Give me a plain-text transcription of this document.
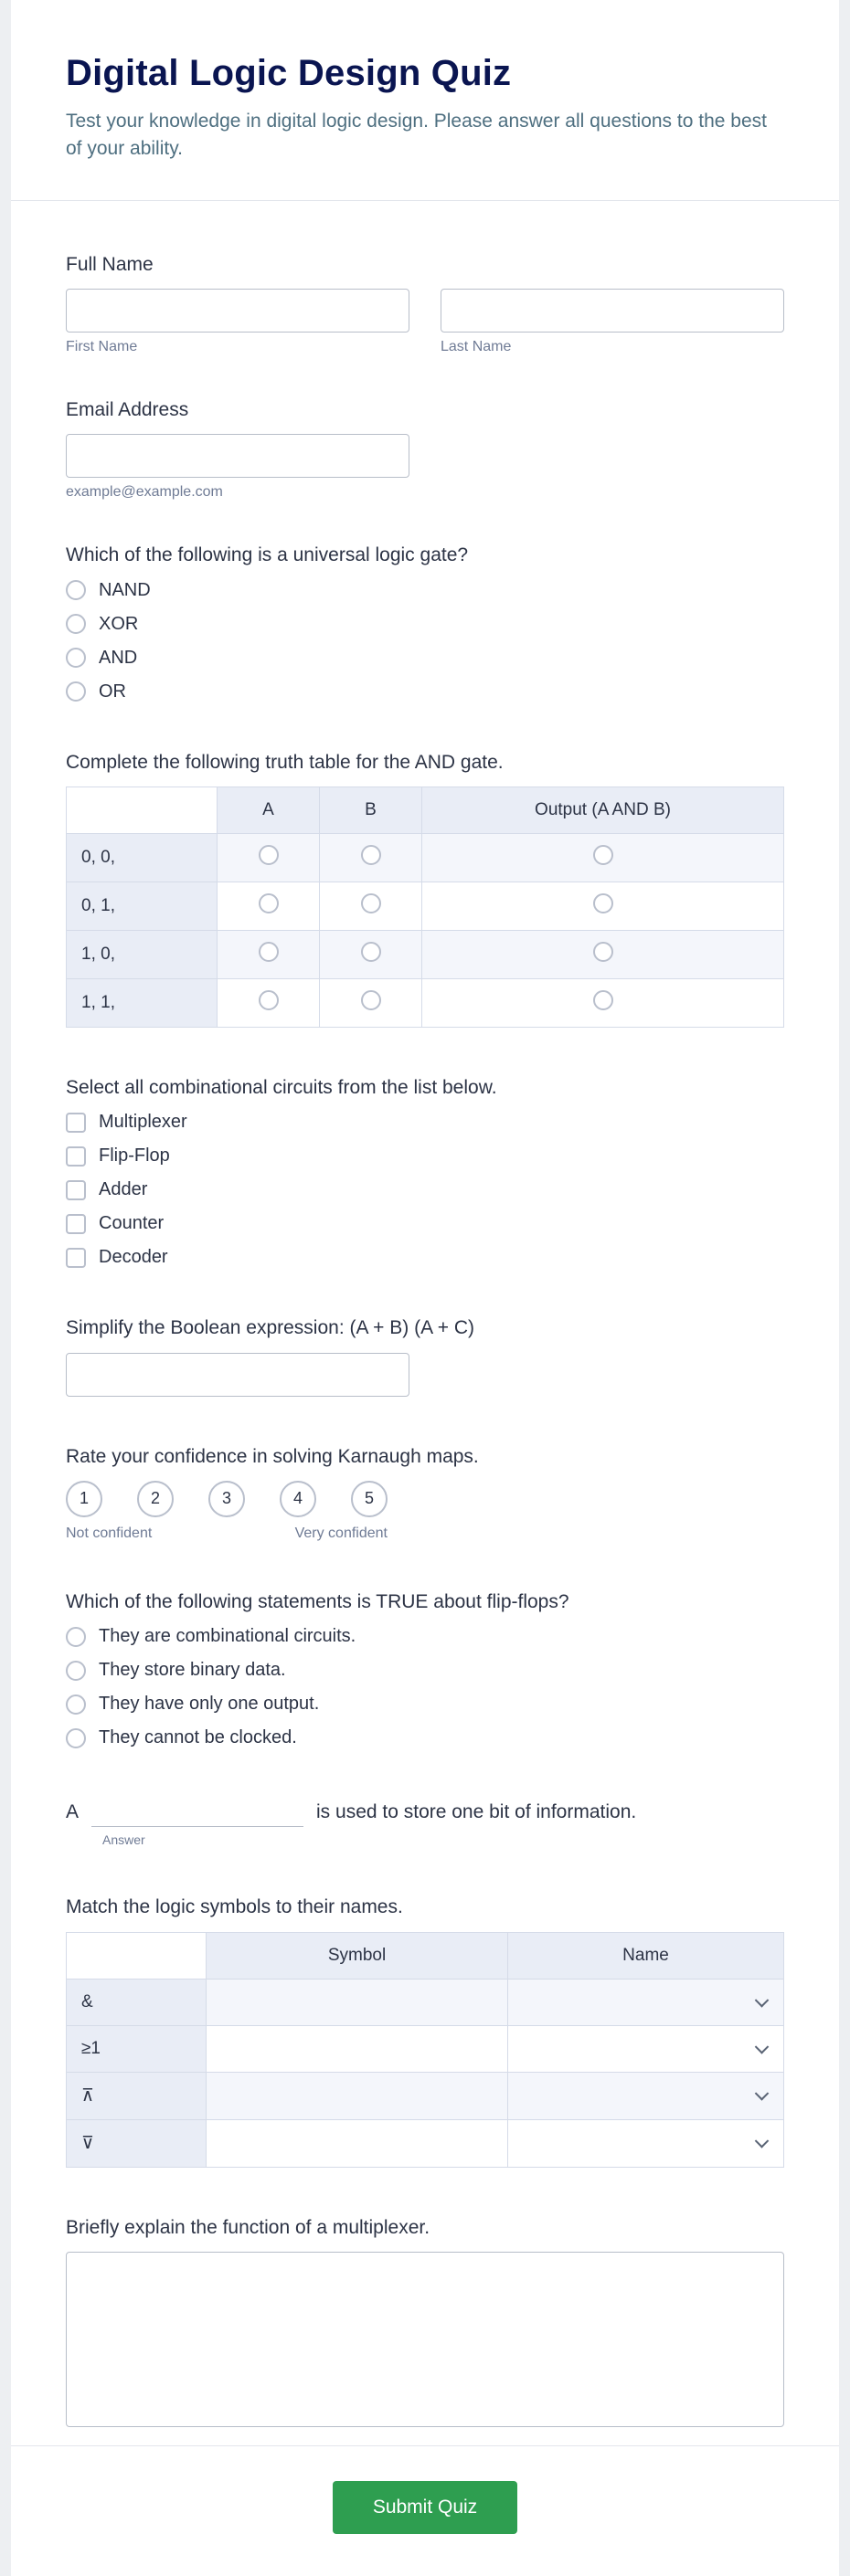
Digital Logic Design Quiz

Test your knowledge in digital logic design. Please answer all questions to the best of your ability.

Full Name
First Name	Last Name
Email Address
example@example.com
Which of the following is a universal logic gate?
NAND
XOR
AND
OR
Complete the following truth table for the AND gate.
	A	B	Output (A AND B)
0, 0,			
0, 1,			
1, 0,			
1, 1,			
Select all combinational circuits from the list below.
Multiplexer
Flip-Flop
Adder
Counter
Decoder
Simplify the Boolean expression: (A + B) (A + C)
Rate your confidence in solving Karnaugh maps.
1	2	3	4	5
Not confident	Very confident
Which of the following statements is TRUE about flip-flops?
They are combinational circuits.
They store binary data.
They have only one output.
They cannot be clocked.
A
Answer
is used to store one bit of information.
Match the logic symbols to their names.
	Symbol	Name
&		

≥1		

⊼		

⊽		
Briefly explain the function of a multiplexer.
Submit Quiz
